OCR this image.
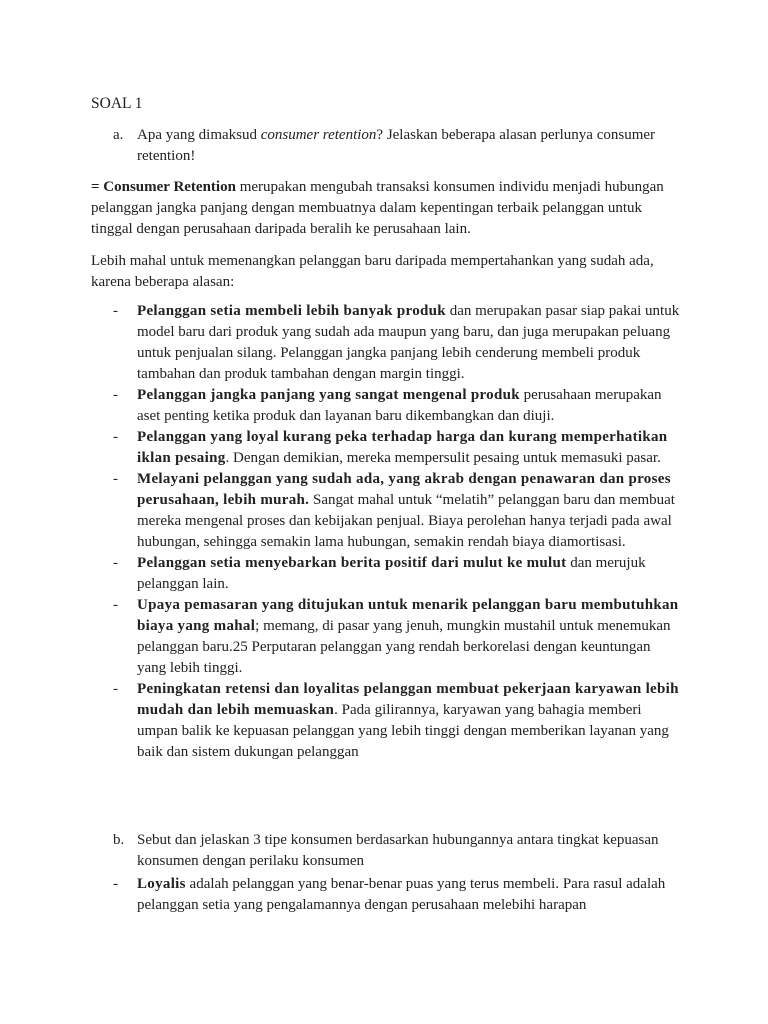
SOAL 1
a. Apa yang dimaksud consumer retention? Jelaskan beberapa alasan perlunya consumer retention!
= Consumer Retention merupakan mengubah transaksi konsumen individu menjadi hubungan pelanggan jangka panjang dengan membuatnya dalam kepentingan terbaik pelanggan untuk tinggal dengan perusahaan daripada beralih ke perusahaan lain.
Lebih mahal untuk memenangkan pelanggan baru daripada mempertahankan yang sudah ada, karena beberapa alasan:
- Pelanggan setia membeli lebih banyak produk dan merupakan pasar siap pakai untuk model baru dari produk yang sudah ada maupun yang baru, dan juga merupakan peluang untuk penjualan silang. Pelanggan jangka panjang lebih cenderung membeli produk tambahan dan produk tambahan dengan margin tinggi.
- Pelanggan jangka panjang yang sangat mengenal produk perusahaan merupakan aset penting ketika produk dan layanan baru dikembangkan dan diuji.
- Pelanggan yang loyal kurang peka terhadap harga dan kurang memperhatikan iklan pesaing. Dengan demikian, mereka mempersulit pesaing untuk memasuki pasar.
- Melayani pelanggan yang sudah ada, yang akrab dengan penawaran dan proses perusahaan, lebih murah. Sangat mahal untuk “melatih” pelanggan baru dan membuat mereka mengenal proses dan kebijakan penjual. Biaya perolehan hanya terjadi pada awal hubungan, sehingga semakin lama hubungan, semakin rendah biaya diamortisasi.
- Pelanggan setia menyebarkan berita positif dari mulut ke mulut dan merujuk pelanggan lain.
- Upaya pemasaran yang ditujukan untuk menarik pelanggan baru membutuhkan biaya yang mahal; memang, di pasar yang jenuh, mungkin mustahil untuk menemukan pelanggan baru.25 Perputaran pelanggan yang rendah berkorelasi dengan keuntungan yang lebih tinggi.
- Peningkatan retensi dan loyalitas pelanggan membuat pekerjaan karyawan lebih mudah dan lebih memuaskan. Pada gilirannya, karyawan yang bahagia memberi umpan balik ke kepuasan pelanggan yang lebih tinggi dengan memberikan layanan yang baik dan sistem dukungan pelanggan
b. Sebut dan jelaskan 3 tipe konsumen berdasarkan hubungannya antara tingkat kepuasan konsumen dengan perilaku konsumen
- Loyalis adalah pelanggan yang benar-benar puas yang terus membeli. Para rasul adalah pelanggan setia yang pengalamannya dengan perusahaan melebihi harapan
